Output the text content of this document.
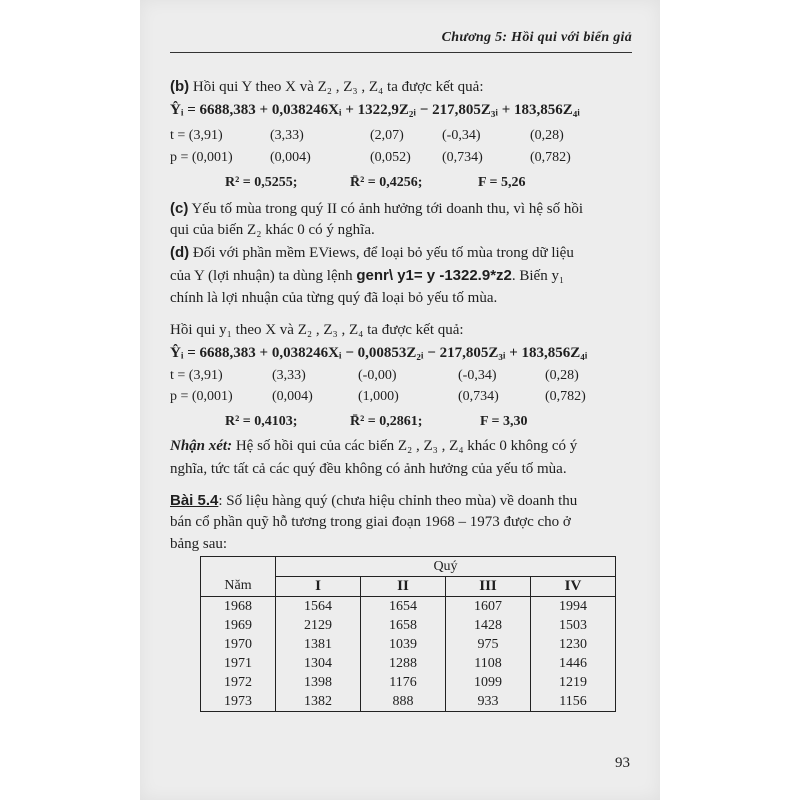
Chương 5: Hồi qui với biến giả
(b) Hồi qui Y theo X và Z₂ , Z₃ , Z₄ ta được kết quả:
Ŷᵢ = 6688,383 + 0,038246Xᵢ + 1322,9Z₂ᵢ − 217,805Z₃ᵢ + 183,856Z₄ᵢ
t = (3,91)	(3,33)	(2,07)	(-0,34)	(0,28)
p = (0,001)	(0,004)	(0,052) (0,734)	(0,782)
R² = 0,5255;	R̄² = 0,4256;	F = 5,26
(c) Yếu tố mùa trong quý II có ảnh hưởng tới doanh thu, vì hệ số hồi
qui của biến Z₂ khác 0 có ý nghĩa.
(d) Đối với phần mềm EViews, để loại bỏ yếu tố mùa trong dữ liệu
của Y (lợi nhuận) ta dùng lệnh genr\ y1= y -1322.9*z2. Biến y₁
chính là lợi nhuận của từng quý đã loại bỏ yếu tố mùa.
Hồi qui y₁ theo X và Z₂ , Z₃ , Z₄ ta được kết quả:
Ŷᵢ = 6688,383 + 0,038246Xᵢ − 0,00853Z₂ᵢ − 217,805Z₃ᵢ + 183,856Z₄ᵢ
t = (3,91)	(3,33)	(-0,00)	(-0,34)	(0,28)
p = (0,001)	(0,004)	(1,000)	(0,734)	(0,782)
R² = 0,4103;	R̄² = 0,2861;	F = 3,30
Nhận xét: Hệ số hồi qui của các biến Z₂ , Z₃ , Z₄ khác 0 không có ý
nghĩa, tức tất cả các quý đều không có ảnh hưởng của yếu tố mùa.
Bài 5.4: Số liệu hàng quý (chưa hiệu chỉnh theo mùa) về doanh thu
bán cổ phần quỹ hỗ tương trong giai đoạn 1968 – 1973 được cho ở
bảng sau:
	Quý			
Năm	I	II	III	IV
1968	1564	1654	1607	1994
1969	2129	1658	1428	1503
1970	1381	1039	975	1230
1971	1304	1288	1108	1446
1972	1398	1176	1099	1219
1973	1382	888	933	1156
93
